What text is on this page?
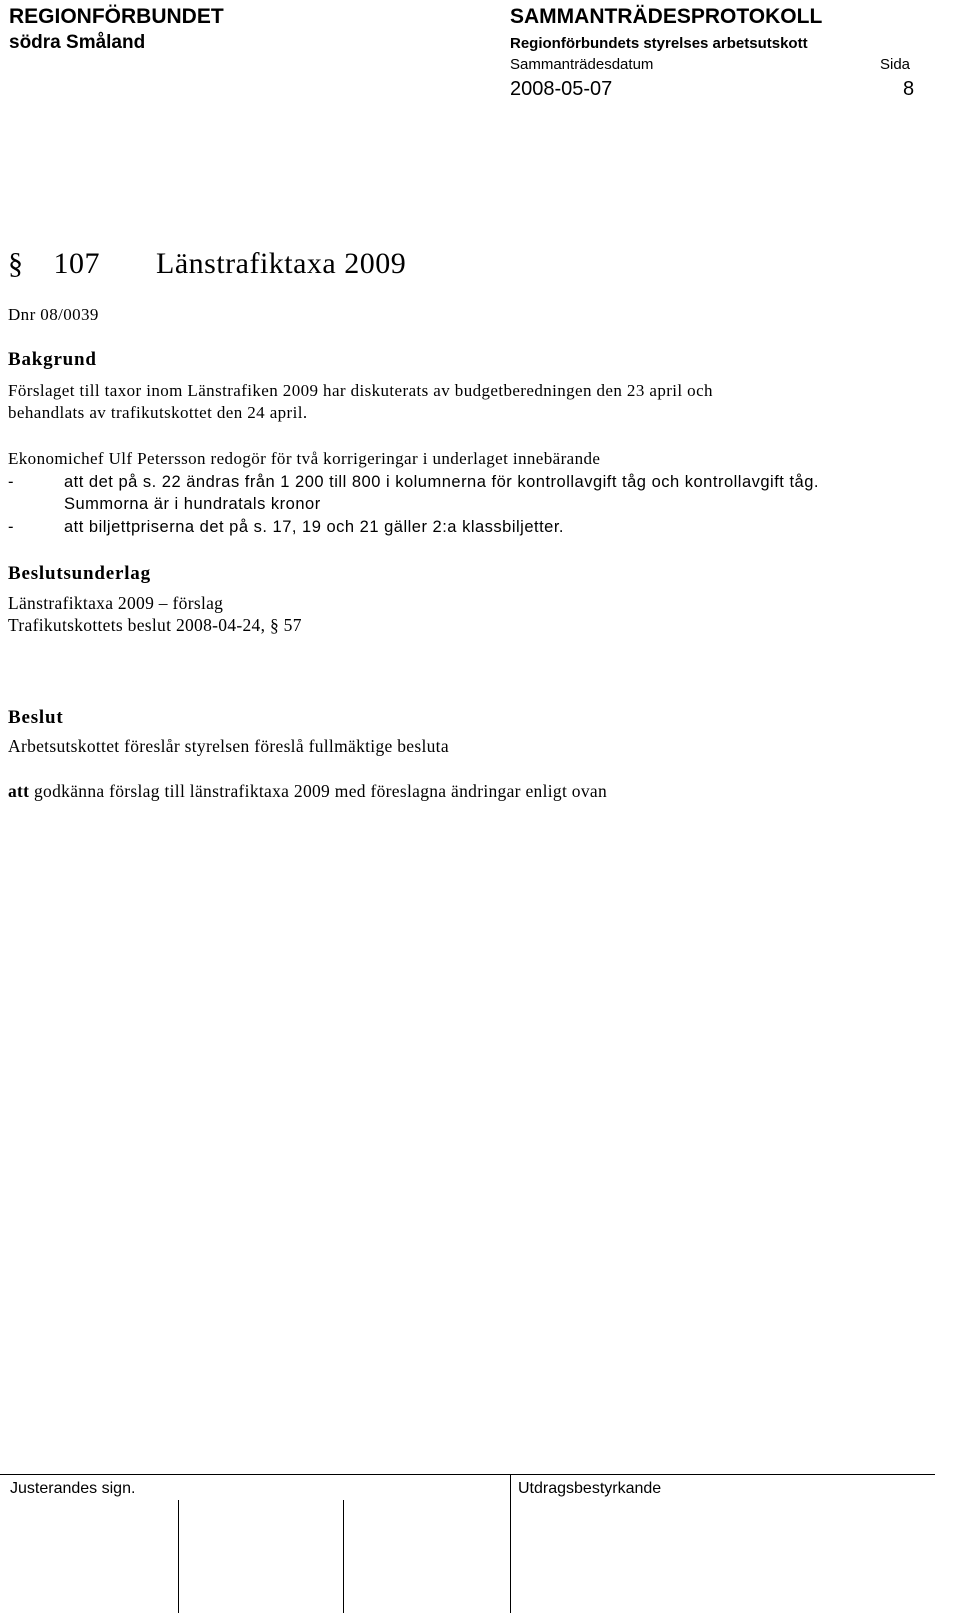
REGIONFÖRBUNDET
södra Småland
SAMMANTRÄDESPROTOKOLL
Regionförbundets styrelses arbetsutskott
Sammanträdesdatum	Sida
2008-05-07	8
§ 107 Länstrafiktaxa 2009
Dnr 08/0039
Bakgrund
Förslaget till taxor inom Länstrafiken 2009 har diskuterats av budgetberedningen den 23 april och
behandlats av trafikutskottet den 24 april.
Ekonomichef Ulf Petersson redogör för två korrigeringar i underlaget innebärande
-	att det på s. 22 ändras från 1 200 till 800 i kolumnerna för kontrollavgift tåg och kontrollavgift tåg.
Summorna är i hundratals kronor
-	att biljettpriserna det på s. 17, 19 och 21 gäller 2:a klassbiljetter.
Beslutsunderlag
Länstrafiktaxa 2009 – förslag
Trafikutskottets beslut 2008-04-24, § 57
Beslut
Arbetsutskottet föreslår styrelsen föreslå fullmäktige besluta
att godkänna förslag till länstrafiktaxa 2009 med föreslagna ändringar enligt ovan
Justerandes sign.	Utdragsbestyrkande
